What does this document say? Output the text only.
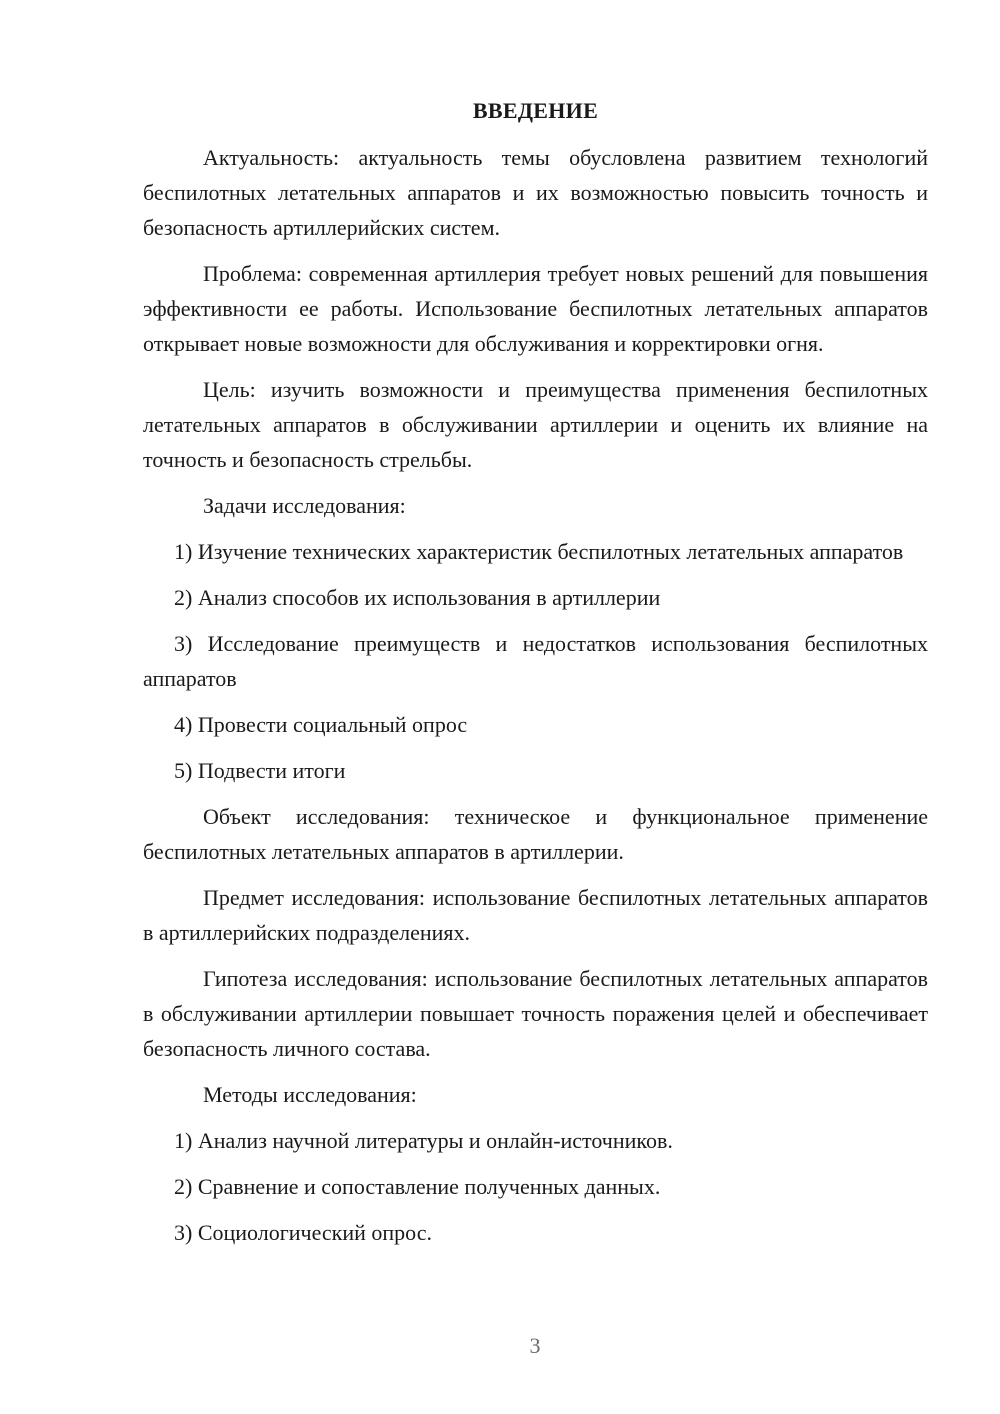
ВВЕДЕНИЕ

Актуальность: актуальность темы обусловлена развитием технологий беспилотных летательных аппаратов и их возможностью повысить точность и безопасность артиллерийских систем.

Проблема: современная артиллерия требует новых решений для повышения эффективности ее работы. Использование беспилотных летательных аппаратов открывает новые возможности для обслуживания и корректировки огня.

Цель: изучить возможности и преимущества применения беспилотных летательных аппаратов в обслуживании артиллерии и оценить их влияние на точность и безопасность стрельбы.

Задачи исследования:

1) Изучение технических характеристик беспилотных летательных аппаратов

2) Анализ способов их использования в артиллерии

3) Исследование преимуществ и недостатков использования беспилотных аппаратов

4) Провести социальный опрос

5) Подвести итоги

Объект исследования: техническое и функциональное применение беспилотных летательных аппаратов в артиллерии.

Предмет исследования: использование беспилотных летательных аппаратов в артиллерийских подразделениях.

Гипотеза исследования: использование беспилотных летательных аппаратов в обслуживании артиллерии повышает точность поражения целей и обеспечивает безопасность личного состава.

Методы исследования:

1) Анализ научной литературы и онлайн-источников.

2) Сравнение и сопоставление полученных данных.

3) Социологический опрос.

3
